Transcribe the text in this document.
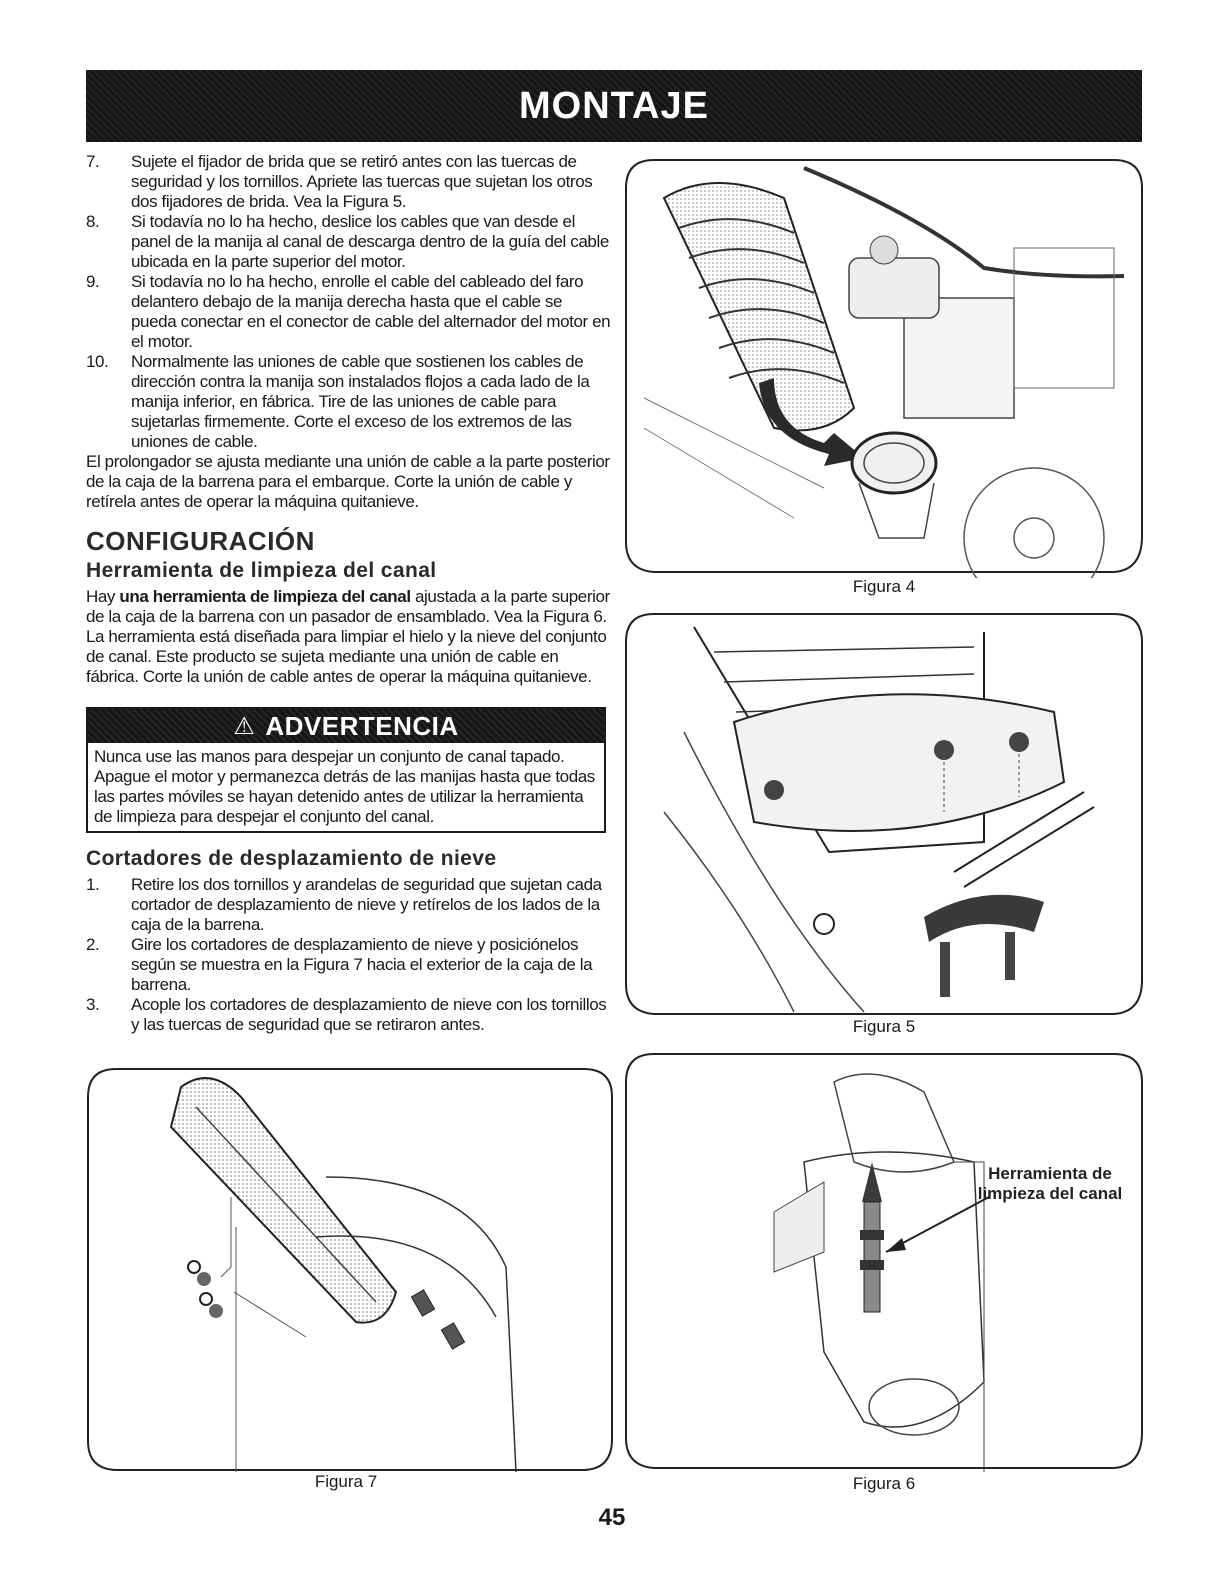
MONTAJE
7. Sujete el fijador de brida que se retiró antes con las tuercas de seguridad y los tornillos. Apriete las tuercas que sujetan los otros dos fijadores de brida. Vea la Figura 5.
8. Si todavía no lo ha hecho, deslice los cables que van desde el panel de la manija al canal de descarga dentro de la guía del cable ubicada en la parte superior del motor.
9. Si todavía no lo ha hecho, enrolle el cable del cableado del faro delantero debajo de la manija derecha hasta que el cable se pueda conectar en el conector de cable del alternador del motor en el motor.
10. Normalmente las uniones de cable que sostienen los cables de dirección contra la manija son instalados flojos a cada lado de la manija inferior, en fábrica. Tire de las uniones de cable para sujetarlas firmemente. Corte el exceso de los extremos de las uniones de cable.

El prolongador se ajusta mediante una unión de cable a la parte posterior de la caja de la barrena para el embarque. Corte la unión de cable y retírela antes de operar la máquina quitanieve.

CONFIGURACIÓN
Herramienta de limpieza del canal

Hay una herramienta de limpieza del canal ajustada a la parte superior de la caja de la barrena con un pasador de ensamblado. Vea la Figura 6. La herramienta está diseñada para limpiar el hielo y la nieve del conjunto de canal. Este producto se sujeta mediante una unión de cable en fábrica. Corte la unión de cable antes de operar la máquina quitanieve.

⚠ ADVERTENCIA
Nunca use las manos para despejar un conjunto de canal tapado. Apague el motor y permanezca detrás de las manijas hasta que todas las partes móviles se hayan detenido antes de utilizar la herramienta de limpieza para despejar el conjunto del canal.
Cortadores de desplazamiento de nieve
1. Retire los dos tornillos y arandelas de seguridad que sujetan cada cortador de desplazamiento de nieve y retírelos de los lados de la caja de la barrena.
2. Gire los cortadores de desplazamiento de nieve y posiciónelos según se muestra en la Figura 7 hacia el exterior de la caja de la barrena.
3. Acople los cortadores de desplazamiento de nieve con los tornillos y las tuercas de seguridad que se retiraron antes.
Figura 4
Figura 5
Herramienta de
limpieza del canal
Figura 6
Figura 7
45
